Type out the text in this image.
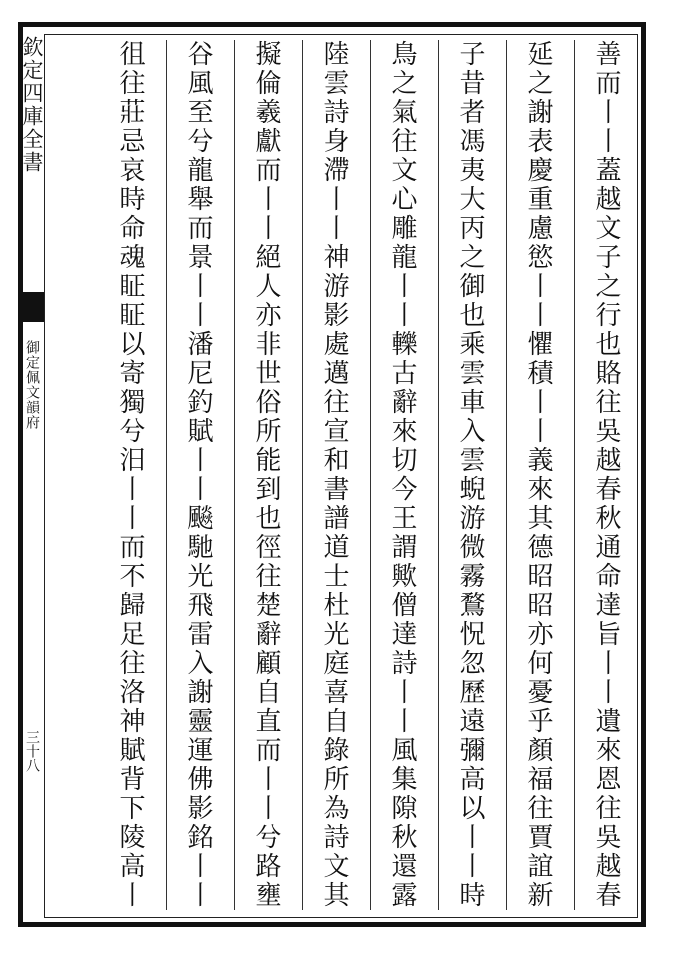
欽定四庫全書
御定佩文韻府
三十八
善而丨丨蓋越文子之行也賂往吳越春秋通命達旨丨丨遺來恩往吳越春
延之謝表慶重慮慾丨丨懼積丨丨義來其德昭昭亦何憂乎顏福往賈誼新
子昔者馮夷大丙之御也乘雲車入雲蜺游微霧鶩怳忽歷遠彌高以丨丨時
鳥之氣往文心雕龍丨丨轢古辭來切今王謂歟僧達詩丨丨風集隙秋還露
陸雲詩身滯丨丨神游影處邁往宣和書譜道士杜光庭喜自錄所為詩文其
擬倫羲獻而丨丨絕人亦非世俗所能到也徑往楚辭顧自直而丨丨兮路壅
谷風至兮龍舉而景丨丨潘尼釣賦丨丨飈馳光飛雷入謝靈運佛影銘丨丨
徂往莊忌哀時命魂眐眐以寄獨兮汨丨丨而不歸足往洛神賦背下陵高丨
